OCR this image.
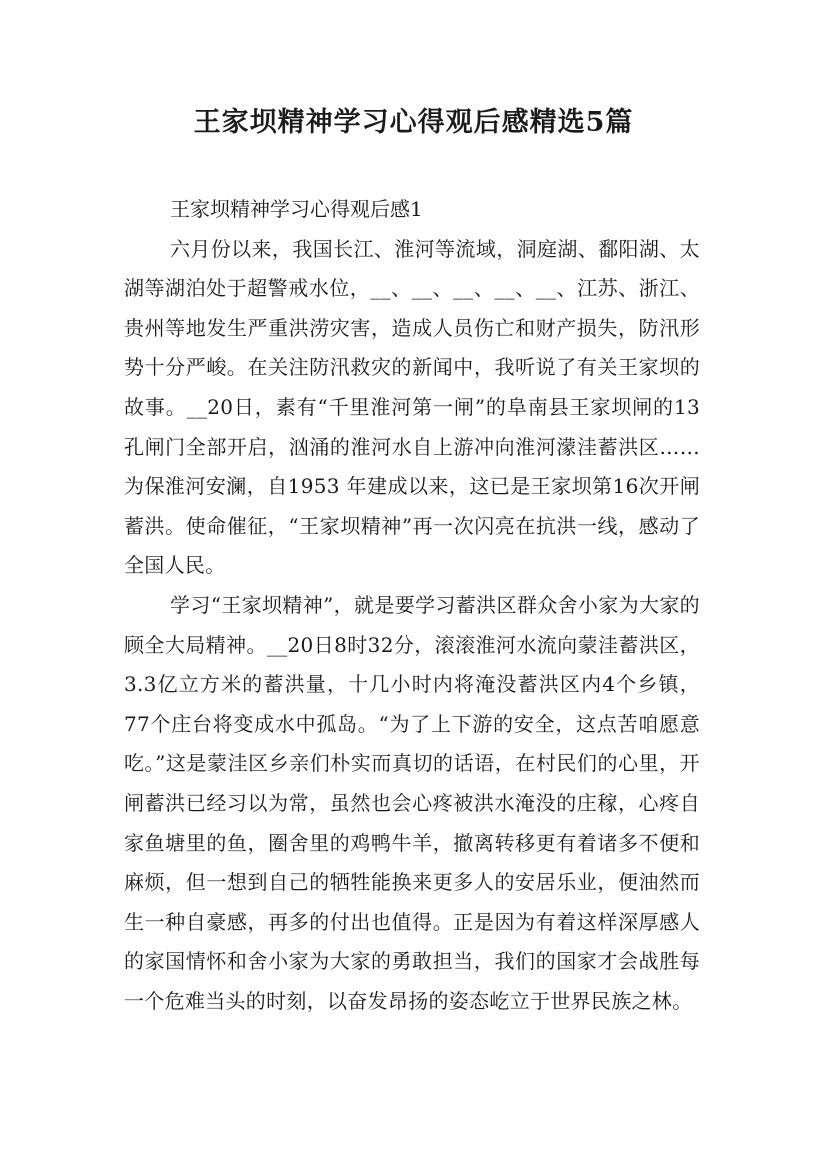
王家坝精神学习心得观后感精选5篇
王家坝精神学习心得观后感1

六月份以来，我国长江、淮河等流域，洞庭湖、鄱阳湖、太湖等湖泊处于超警戒水位，__、__、__、__、__、江苏、浙江、贵州等地发生严重洪涝灾害，造成人员伤亡和财产损失，防汛形势十分严峻。在关注防汛救灾的新闻中，我听说了有关王家坝的故事。__20日，素有“千里淮河第一闸”的阜南县王家坝闸的13 孔闸门全部开启，汹涌的淮河水自上游冲向淮河濛洼蓄洪区……为保淮河安澜，自1953 年建成以来，这已是王家坝第16次开闸蓄洪。使命催征，“王家坝精神”再一次闪亮在抗洪一线，感动了全国人民。

学习“王家坝精神”，就是要学习蓄洪区群众舍小家为大家的顾全大局精神。__20日8时32分，滚滚淮河水流向蒙洼蓄洪区，3.3亿立方米的蓄洪量，十几小时内将淹没蓄洪区内4个乡镇，77个庄台将变成水中孤岛。“为了上下游的安全，这点苦咱愿意吃。”这是蒙洼区乡亲们朴实而真切的话语，在村民们的心里，开闸蓄洪已经习以为常，虽然也会心疼被洪水淹没的庄稼，心疼自家鱼塘里的鱼，圈舍里的鸡鸭牛羊，撤离转移更有着诸多不便和麻烦，但一想到自己的牺牲能换来更多人的安居乐业，便油然而生一种自豪感，再多的付出也值得。正是因为有着这样深厚感人的家国情怀和舍小家为大家的勇敢担当，我们的国家才会战胜每一个危难当头的时刻，以奋发昂扬的姿态屹立于世界民族之林。
